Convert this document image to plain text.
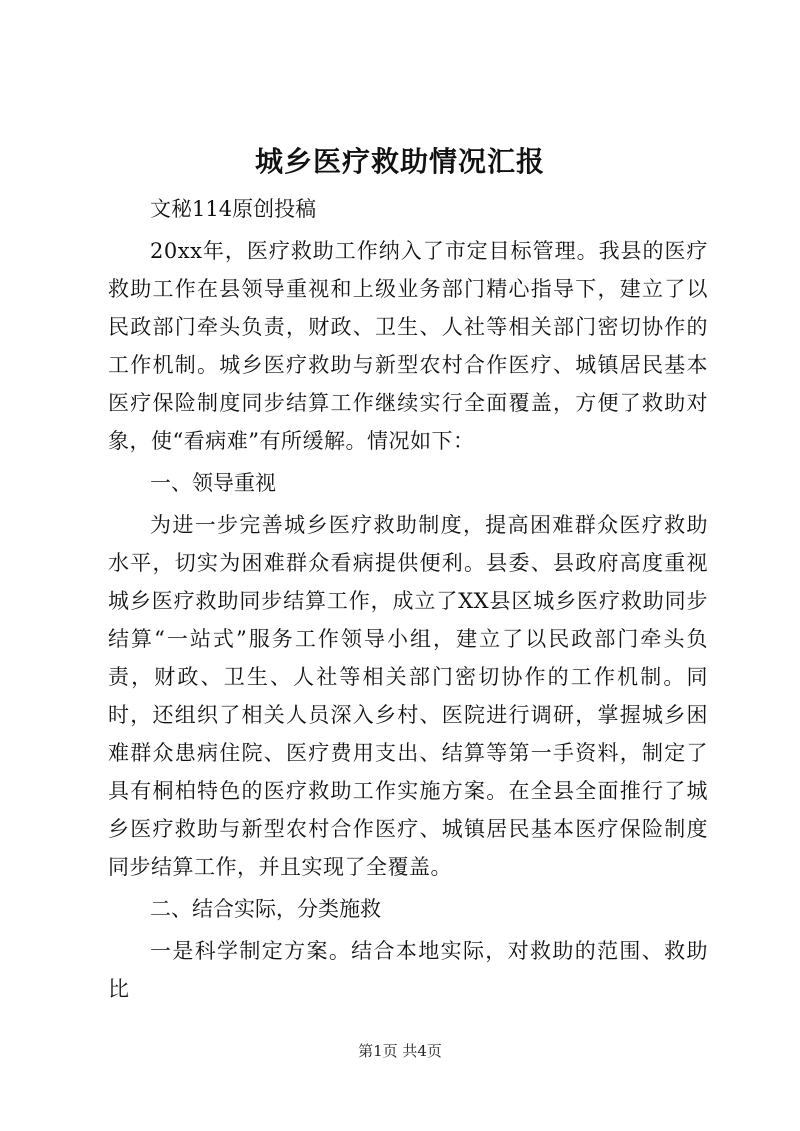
城乡医疗救助情况汇报

文秘114原创投稿

20xx年，医疗救助工作纳入了市定目标管理。我县的医疗救助工作在县领导重视和上级业务部门精心指导下，建立了以民政部门牵头负责，财政、卫生、人社等相关部门密切协作的工作机制。城乡医疗救助与新型农村合作医疗、城镇居民基本医疗保险制度同步结算工作继续实行全面覆盖，方便了救助对象，使“看病难”有所缓解。情况如下：

一、领导重视

为进一步完善城乡医疗救助制度，提高困难群众医疗救助水平，切实为困难群众看病提供便利。县委、县政府高度重视城乡医疗救助同步结算工作，成立了XX县区城乡医疗救助同步结算“一站式”服务工作领导小组，建立了以民政部门牵头负责，财政、卫生、人社等相关部门密切协作的工作机制。同时，还组织了相关人员深入乡村、医院进行调研，掌握城乡困难群众患病住院、医疗费用支出、结算等第一手资料，制定了具有桐柏特色的医疗救助工作实施方案。在全县全面推行了城乡医疗救助与新型农村合作医疗、城镇居民基本医疗保险制度同步结算工作，并且实现了全覆盖。

二、结合实际，分类施救

一是科学制定方案。结合本地实际，对救助的范围、救助比

第1页 共4页
